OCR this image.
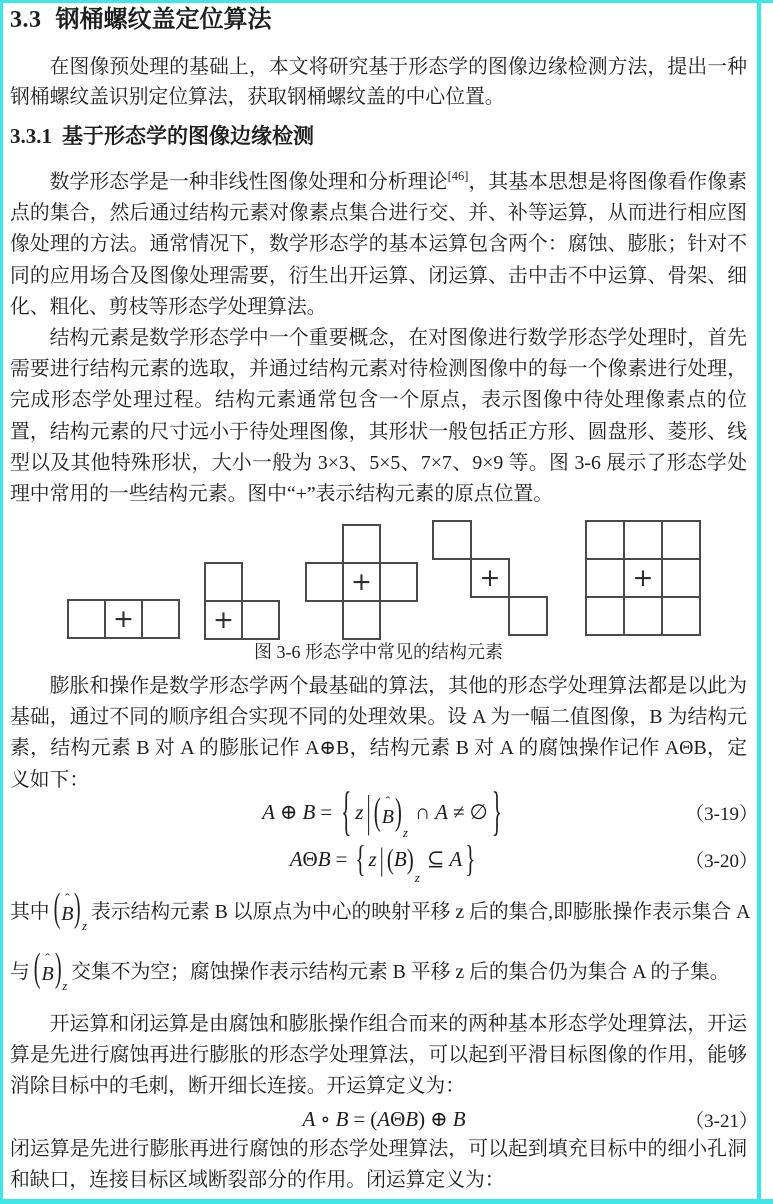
3.3 钢桶螺纹盖定位算法

在图像预处理的基础上，本文将研究基于形态学的图像边缘检测方法，提出一种钢桶螺纹盖识别定位算法，获取钢桶螺纹盖的中心位置。

3.3.1 基于形态学的图像边缘检测

数学形态学是一种非线性图像处理和分析理论[46]，其基本思想是将图像看作像素点的集合，然后通过结构元素对像素点集合进行交、并、补等运算，从而进行相应图像处理的方法。通常情况下，数学形态学的基本运算包含两个：腐蚀、膨胀；针对不同的应用场合及图像处理需要，衍生出开运算、闭运算、击中击不中运算、骨架、细化、粗化、剪枝等形态学处理算法。

结构元素是数学形态学中一个重要概念，在对图像进行数学形态学处理时，首先需要进行结构元素的选取，并通过结构元素对待检测图像中的每一个像素进行处理，完成形态学处理过程。结构元素通常包含一个原点，表示图像中待处理像素点的位置，结构元素的尺寸远小于待处理图像，其形状一般包括正方形、圆盘形、菱形、线型以及其他特殊形状，大小一般为 3×3、5×5、7×7、9×9 等。图 3-6 展示了形态学处理中常用的一些结构元素。图中“+”表示结构元素的原点位置。

+	+
+	+	+
图 3-6 形态学中常见的结构元素

膨胀和操作是数学形态学两个最基础的算法，其他的形态学处理算法都是以此为基础，通过不同的顺序组合实现不同的处理效果。设 A 为一幅二值图像，B 为结构元素，结构元素 B 对 A 的膨胀记作 A⊕B，结构元素 B 对 A 的腐蚀操作记作 AΘB，定义如下：

A ⊕ B = { z | ( ˆ
B ) z
∩ A ≠ ∅ }	（3-19）
A Θ B = { z | ( B )
z
⊆ A }	（3-20）
其中 ( ˆ
B ( z
表示结构元素 B 以原点为中心的映射平移 z 后的集合,即膨胀操作表示集合 A
与 ( ˆ
B ( z
交集不为空；腐蚀操作表示结构元素 B 平移 z 后的集合仍为集合 A 的子集。

开运算和闭运算是由腐蚀和膨胀操作组合而来的两种基本形态学处理算法，开运算是先进行腐蚀再进行膨胀的形态学处理算法，可以起到平滑目标图像的作用，能够消除目标中的毛刺，断开细长连接。开运算定义为：

A ∘ B = ( A Θ B ) ⊕ B	（3-21）

闭运算是先进行膨胀再进行腐蚀的形态学处理算法，可以起到填充目标中的细小孔洞和缺口，连接目标区域断裂部分的作用。闭运算定义为：
